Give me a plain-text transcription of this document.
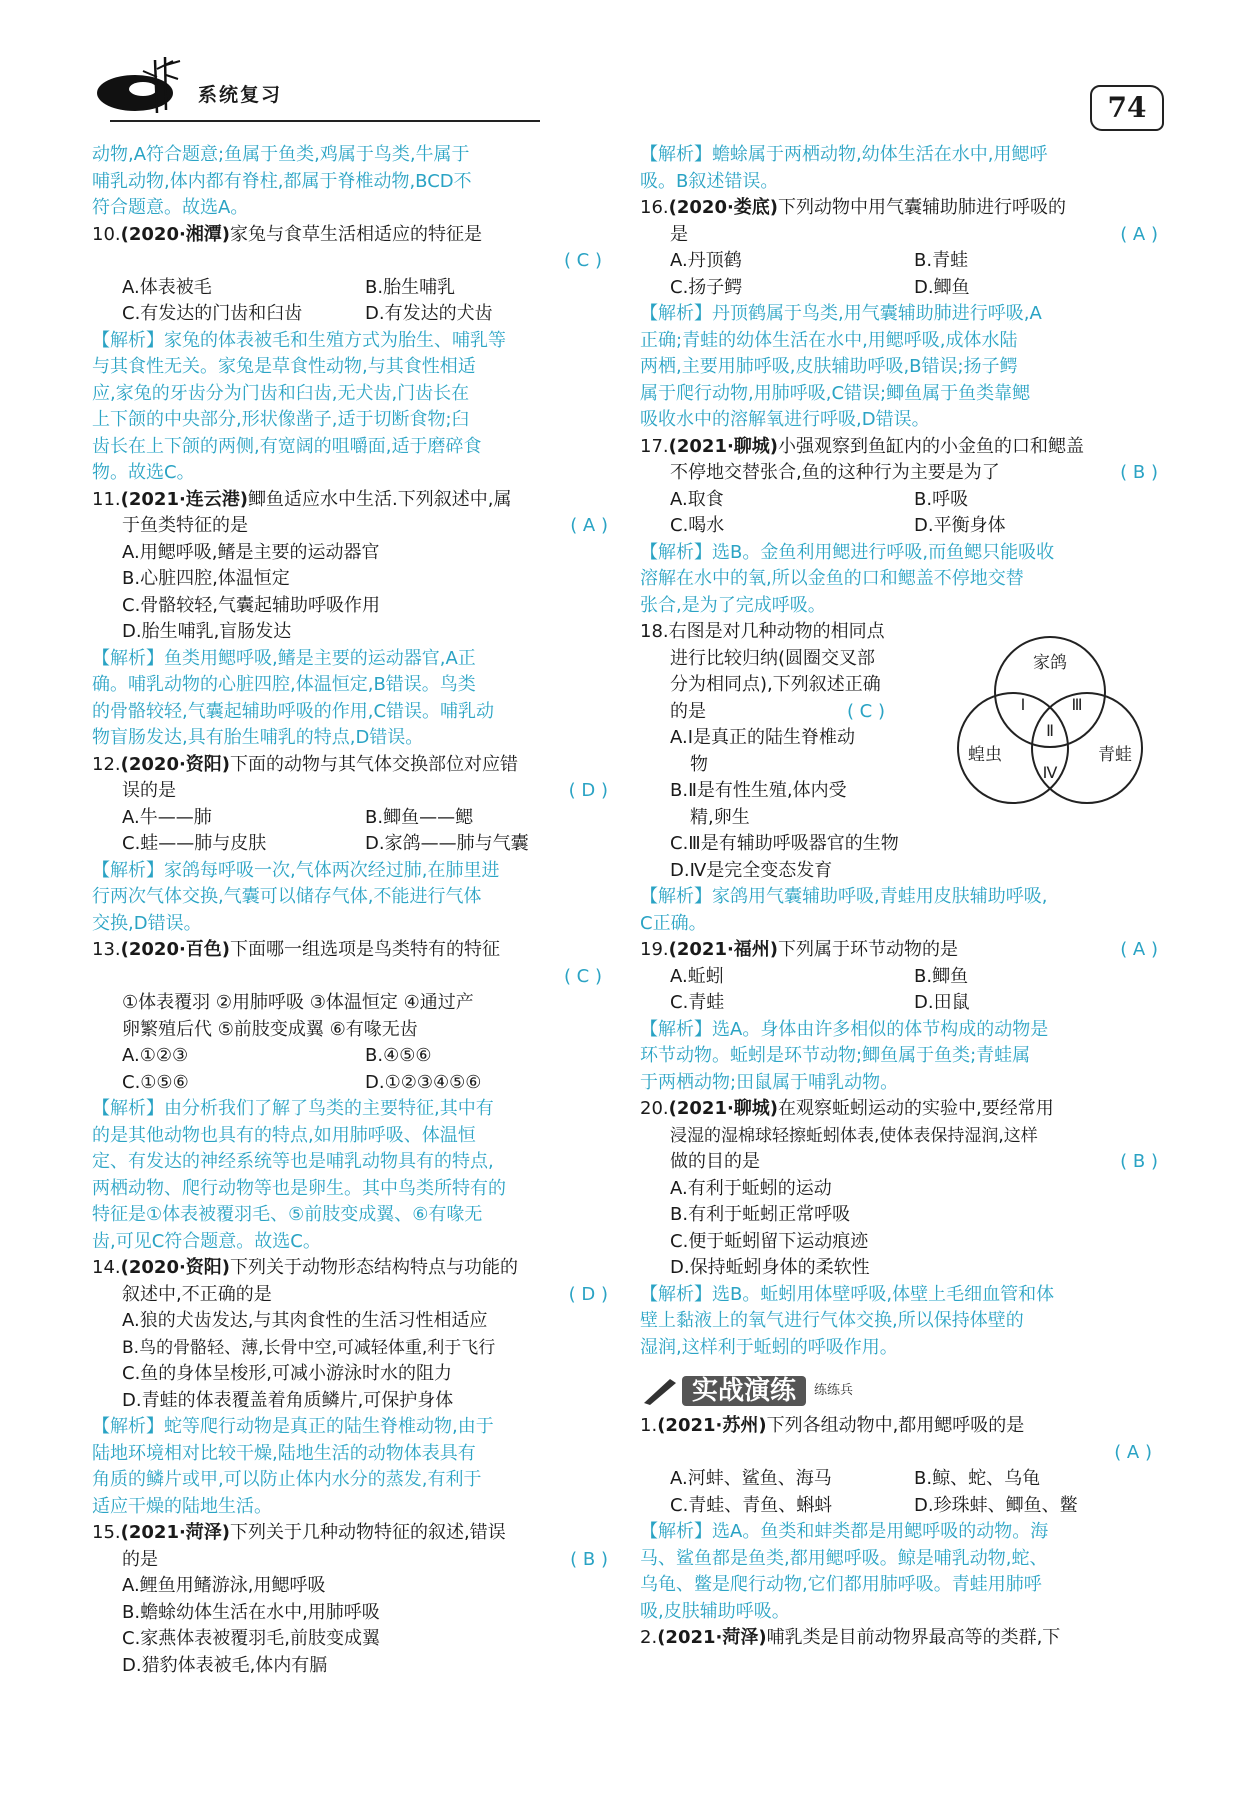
系统复习	74
动物,A符合题意;鱼属于鱼类,鸡属于鸟类,牛属于
哺乳动物,体内都有脊柱,都属于脊椎动物,BCD不
符合题意。故选A。
10.(2020·湘潭)家兔与食草生活相适应的特征是
( C )
A.体表被毛	B.胎生哺乳
C.有发达的门齿和臼齿	D.有发达的犬齿
【解析】家兔的体表被毛和生殖方式为胎生、哺乳等
与其食性无关。家兔是草食性动物,与其食性相适
应,家兔的牙齿分为门齿和臼齿,无犬齿,门齿长在
上下颌的中央部分,形状像凿子,适于切断食物;臼
齿长在上下颌的两侧,有宽阔的咀嚼面,适于磨碎食
物。故选C。
11.(2021·连云港)鲫鱼适应水中生活.下列叙述中,属
于鱼类特征的是	( A )
A.用鳃呼吸,鳍是主要的运动器官
B.心脏四腔,体温恒定
C.骨骼较轻,气囊起辅助呼吸作用
D.胎生哺乳,盲肠发达
【解析】鱼类用鳃呼吸,鳍是主要的运动器官,A正
确。哺乳动物的心脏四腔,体温恒定,B错误。鸟类
的骨骼较轻,气囊起辅助呼吸的作用,C错误。哺乳动
物盲肠发达,具有胎生哺乳的特点,D错误。
12.(2020·资阳)下面的动物与其气体交换部位对应错
误的是	( D )
A.牛——肺	B.鲫鱼——鳃
C.蛙——肺与皮肤	D.家鸽——肺与气囊
【解析】家鸽每呼吸一次,气体两次经过肺,在肺里进
行两次气体交换,气囊可以储存气体,不能进行气体
交换,D错误。
13.(2020·百色)下面哪一组选项是鸟类特有的特征
( C )
①体表覆羽 ②用肺呼吸 ③体温恒定 ④通过产
卵繁殖后代 ⑤前肢变成翼 ⑥有喙无齿
A.①②③	B.④⑤⑥
C.①⑤⑥	D.①②③④⑤⑥
【解析】由分析我们了解了鸟类的主要特征,其中有
的是其他动物也具有的特点,如用肺呼吸、体温恒
定、有发达的神经系统等也是哺乳动物具有的特点,
两栖动物、爬行动物等也是卵生。其中鸟类所特有的
特征是①体表被覆羽毛、⑤前肢变成翼、⑥有喙无
齿,可见C符合题意。故选C。
14.(2020·资阳)下列关于动物形态结构特点与功能的
叙述中,不正确的是	( D )
A.狼的犬齿发达,与其肉食性的生活习性相适应
B.鸟的骨骼轻、薄,长骨中空,可减轻体重,利于飞行
C.鱼的身体呈梭形,可减小游泳时水的阻力
D.青蛙的体表覆盖着角质鳞片,可保护身体
【解析】蛇等爬行动物是真正的陆生脊椎动物,由于
陆地环境相对比较干燥,陆地生活的动物体表具有
角质的鳞片或甲,可以防止体内水分的蒸发,有利于
适应干燥的陆地生活。
15.(2021·菏泽)下列关于几种动物特征的叙述,错误
的是	( B )
A.鲤鱼用鳍游泳,用鳃呼吸
B.蟾蜍幼体生活在水中,用肺呼吸
C.家燕体表被覆羽毛,前肢变成翼
D.猎豹体表被毛,体内有膈
【解析】蟾蜍属于两栖动物,幼体生活在水中,用鳃呼
吸。B叙述错误。
16.(2020·娄底)下列动物中用气囊辅助肺进行呼吸的
是	( A )
A.丹顶鹤	B.青蛙
C.扬子鳄	D.鲫鱼
【解析】丹顶鹤属于鸟类,用气囊辅助肺进行呼吸,A
正确;青蛙的幼体生活在水中,用鳃呼吸,成体水陆
两栖,主要用肺呼吸,皮肤辅助呼吸,B错误;扬子鳄
属于爬行动物,用肺呼吸,C错误;鲫鱼属于鱼类靠鳃
吸收水中的溶解氧进行呼吸,D错误。
17.(2021·聊城)小强观察到鱼缸内的小金鱼的口和鳃盖
不停地交替张合,鱼的这种行为主要是为了	( B )
A.取食	B.呼吸
C.喝水	D.平衡身体
【解析】选B。金鱼利用鳃进行呼吸,而鱼鳃只能吸收
溶解在水中的氧,所以金鱼的口和鳃盖不停地交替
张合,是为了完成呼吸。
18.右图是对几种动物的相同点
进行比较归纳(圆圈交叉部
分为相同点),下列叙述正确
的是	( C )
A.Ⅰ是真正的陆生脊椎动
物
B.Ⅱ是有性生殖,体内受
精,卵生
C.Ⅲ是有辅助呼吸器官的生物
D.Ⅳ是完全变态发育
【解析】家鸽用气囊辅助呼吸,青蛙用皮肤辅助呼吸,
C正确。
19.(2021·福州)下列属于环节动物的是	( A )
A.蚯蚓	B.鲫鱼
C.青蛙	D.田鼠
【解析】选A。身体由许多相似的体节构成的动物是
环节动物。蚯蚓是环节动物;鲫鱼属于鱼类;青蛙属
于两栖动物;田鼠属于哺乳动物。
20.(2021·聊城)在观察蚯蚓运动的实验中,要经常用
浸湿的湿棉球轻擦蚯蚓体表,使体表保持湿润,这样
做的目的是	( B )
A.有利于蚯蚓的运动
B.有利于蚯蚓正常呼吸
C.便于蚯蚓留下运动痕迹
D.保持蚯蚓身体的柔软性
【解析】选B。蚯蚓用体壁呼吸,体壁上毛细血管和体
壁上黏液上的氧气进行气体交换,所以保持体壁的
湿润,这样利于蚯蚓的呼吸作用。
实战演练	练练兵
1.(2021·苏州)下列各组动物中,都用鳃呼吸的是
( A )
A.河蚌、鲨鱼、海马	B.鲸、蛇、乌龟
C.青蛙、青鱼、蝌蚪	D.珍珠蚌、鲫鱼、鳖
【解析】选A。鱼类和蚌类都是用鳃呼吸的动物。海
马、鲨鱼都是鱼类,都用鳃呼吸。鲸是哺乳动物,蛇、
乌龟、鳖是爬行动物,它们都用肺呼吸。青蛙用肺呼
吸,皮肤辅助呼吸。
2.(2021·菏泽)哺乳类是目前动物界最高等的类群,下
家鸽
蝗虫	青蛙
Ⅰ
Ⅱ
Ⅲ
Ⅳ
